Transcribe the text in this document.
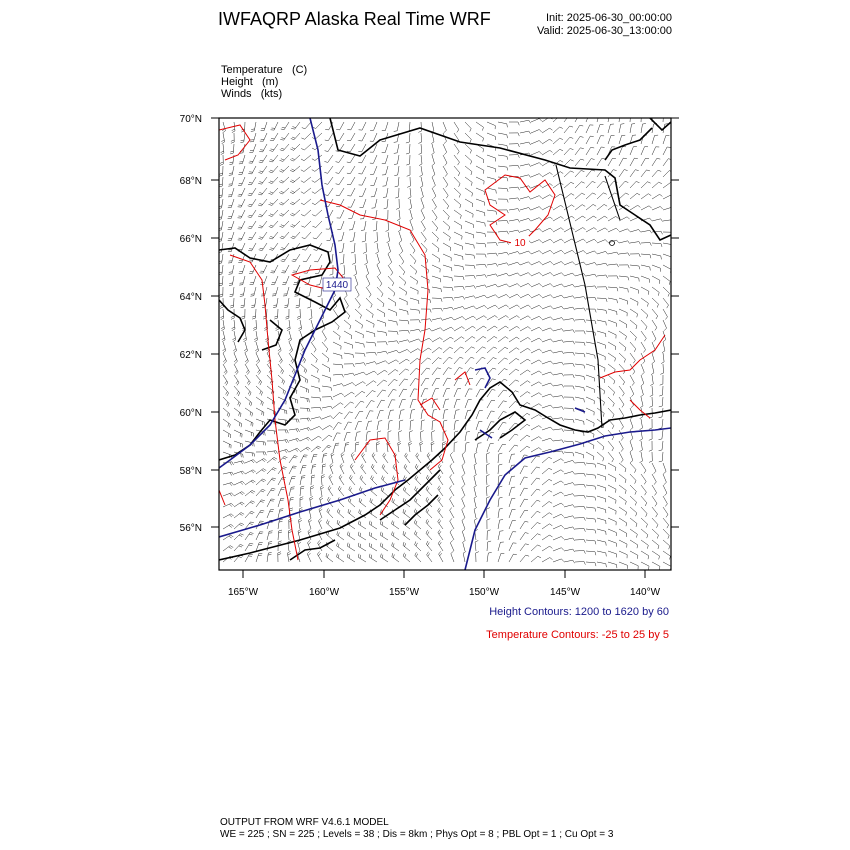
IWFAQRP Alaska Real Time WRF	Init: 2025-06-30_00:00:00
Valid: 2025-06-30_13:00:00
Temperature (C)
Height (m)
Winds (kts)
1440
10
70°N
68°N
66°N
64°N
62°N
60°N
58°N
56°N
165°W	160°W	155°W	150°W	145°W	140°W
Height Contours: 1200 to 1620 by 60
Temperature Contours: -25 to 25 by 5
OUTPUT FROM WRF V4.6.1 MODEL
WE = 225 ; SN = 225 ; Levels = 38 ; Dis = 8km ; Phys Opt = 8 ; PBL Opt = 1 ; Cu Opt = 3
